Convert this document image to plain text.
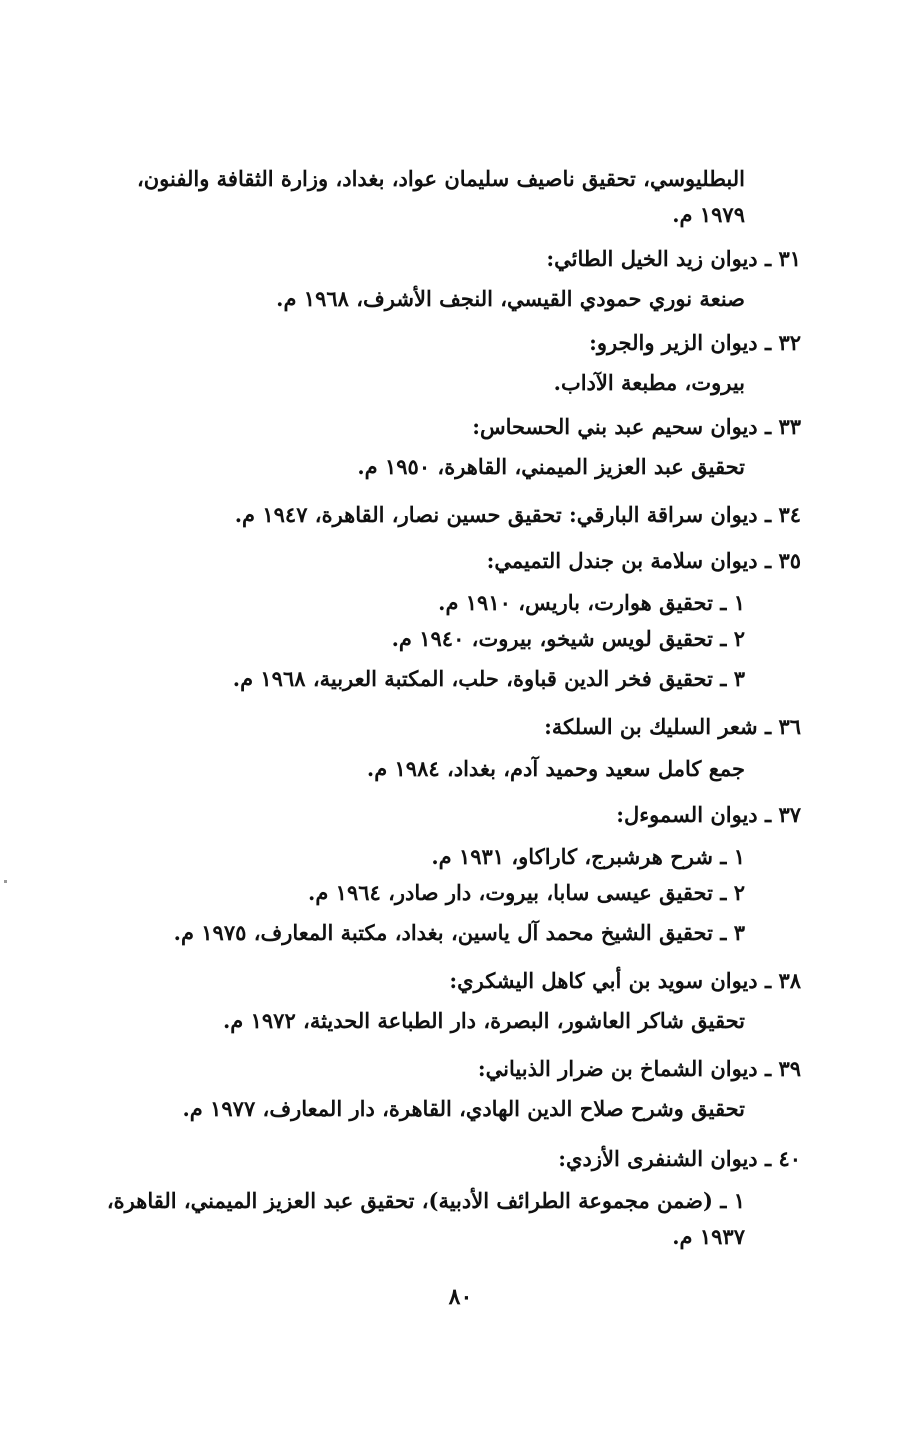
البطليوسي، تحقيق ناصيف سليمان عواد، بغداد، وزارة الثقافة والفنون،
١٩٧٩ م.
٣١ ـ ديوان زيد الخيل الطائي:
صنعة نوري حمودي القيسي، النجف الأشرف، ١٩٦٨ م.
٣٢ ـ ديوان الزير والجرو:
بيروت، مطبعة الآداب.
٣٣ ـ ديوان سحيم عبد بني الحسحاس:
تحقيق عبد العزيز الميمني، القاهرة، ١٩٥٠ م.
٣٤ ـ ديوان سراقة البارقي: تحقيق حسين نصار، القاهرة، ١٩٤٧ م.
٣٥ ـ ديوان سلامة بن جندل التميمي:
١ ـ تحقيق هوارت، باريس، ١٩١٠ م.
٢ ـ تحقيق لويس شيخو، بيروت، ١٩٤٠ م.
٣ ـ تحقيق فخر الدين قباوة، حلب، المكتبة العربية، ١٩٦٨ م.
٣٦ ـ شعر السليك بن السلكة:
جمع كامل سعيد وحميد آدم، بغداد، ١٩٨٤ م.
٣٧ ـ ديوان السموءل:
١ ـ شرح هرشبرج، كاراكاو، ١٩٣١ م.
٢ ـ تحقيق عيسى سابا، بيروت، دار صادر، ١٩٦٤ م.
٣ ـ تحقيق الشيخ محمد آل ياسين، بغداد، مكتبة المعارف، ١٩٧٥ م.
٣٨ ـ ديوان سويد بن أبي كاهل اليشكري:
تحقيق شاكر العاشور، البصرة، دار الطباعة الحديثة، ١٩٧٢ م.
٣٩ ـ ديوان الشماخ بن ضرار الذبياني:
تحقيق وشرح صلاح الدين الهادي، القاهرة، دار المعارف، ١٩٧٧ م.
٤٠ ـ ديوان الشنفرى الأزدي:
١ ـ (ضمن مجموعة الطرائف الأدبية)، تحقيق عبد العزيز الميمني، القاهرة،
١٩٣٧ م.
٨٠
